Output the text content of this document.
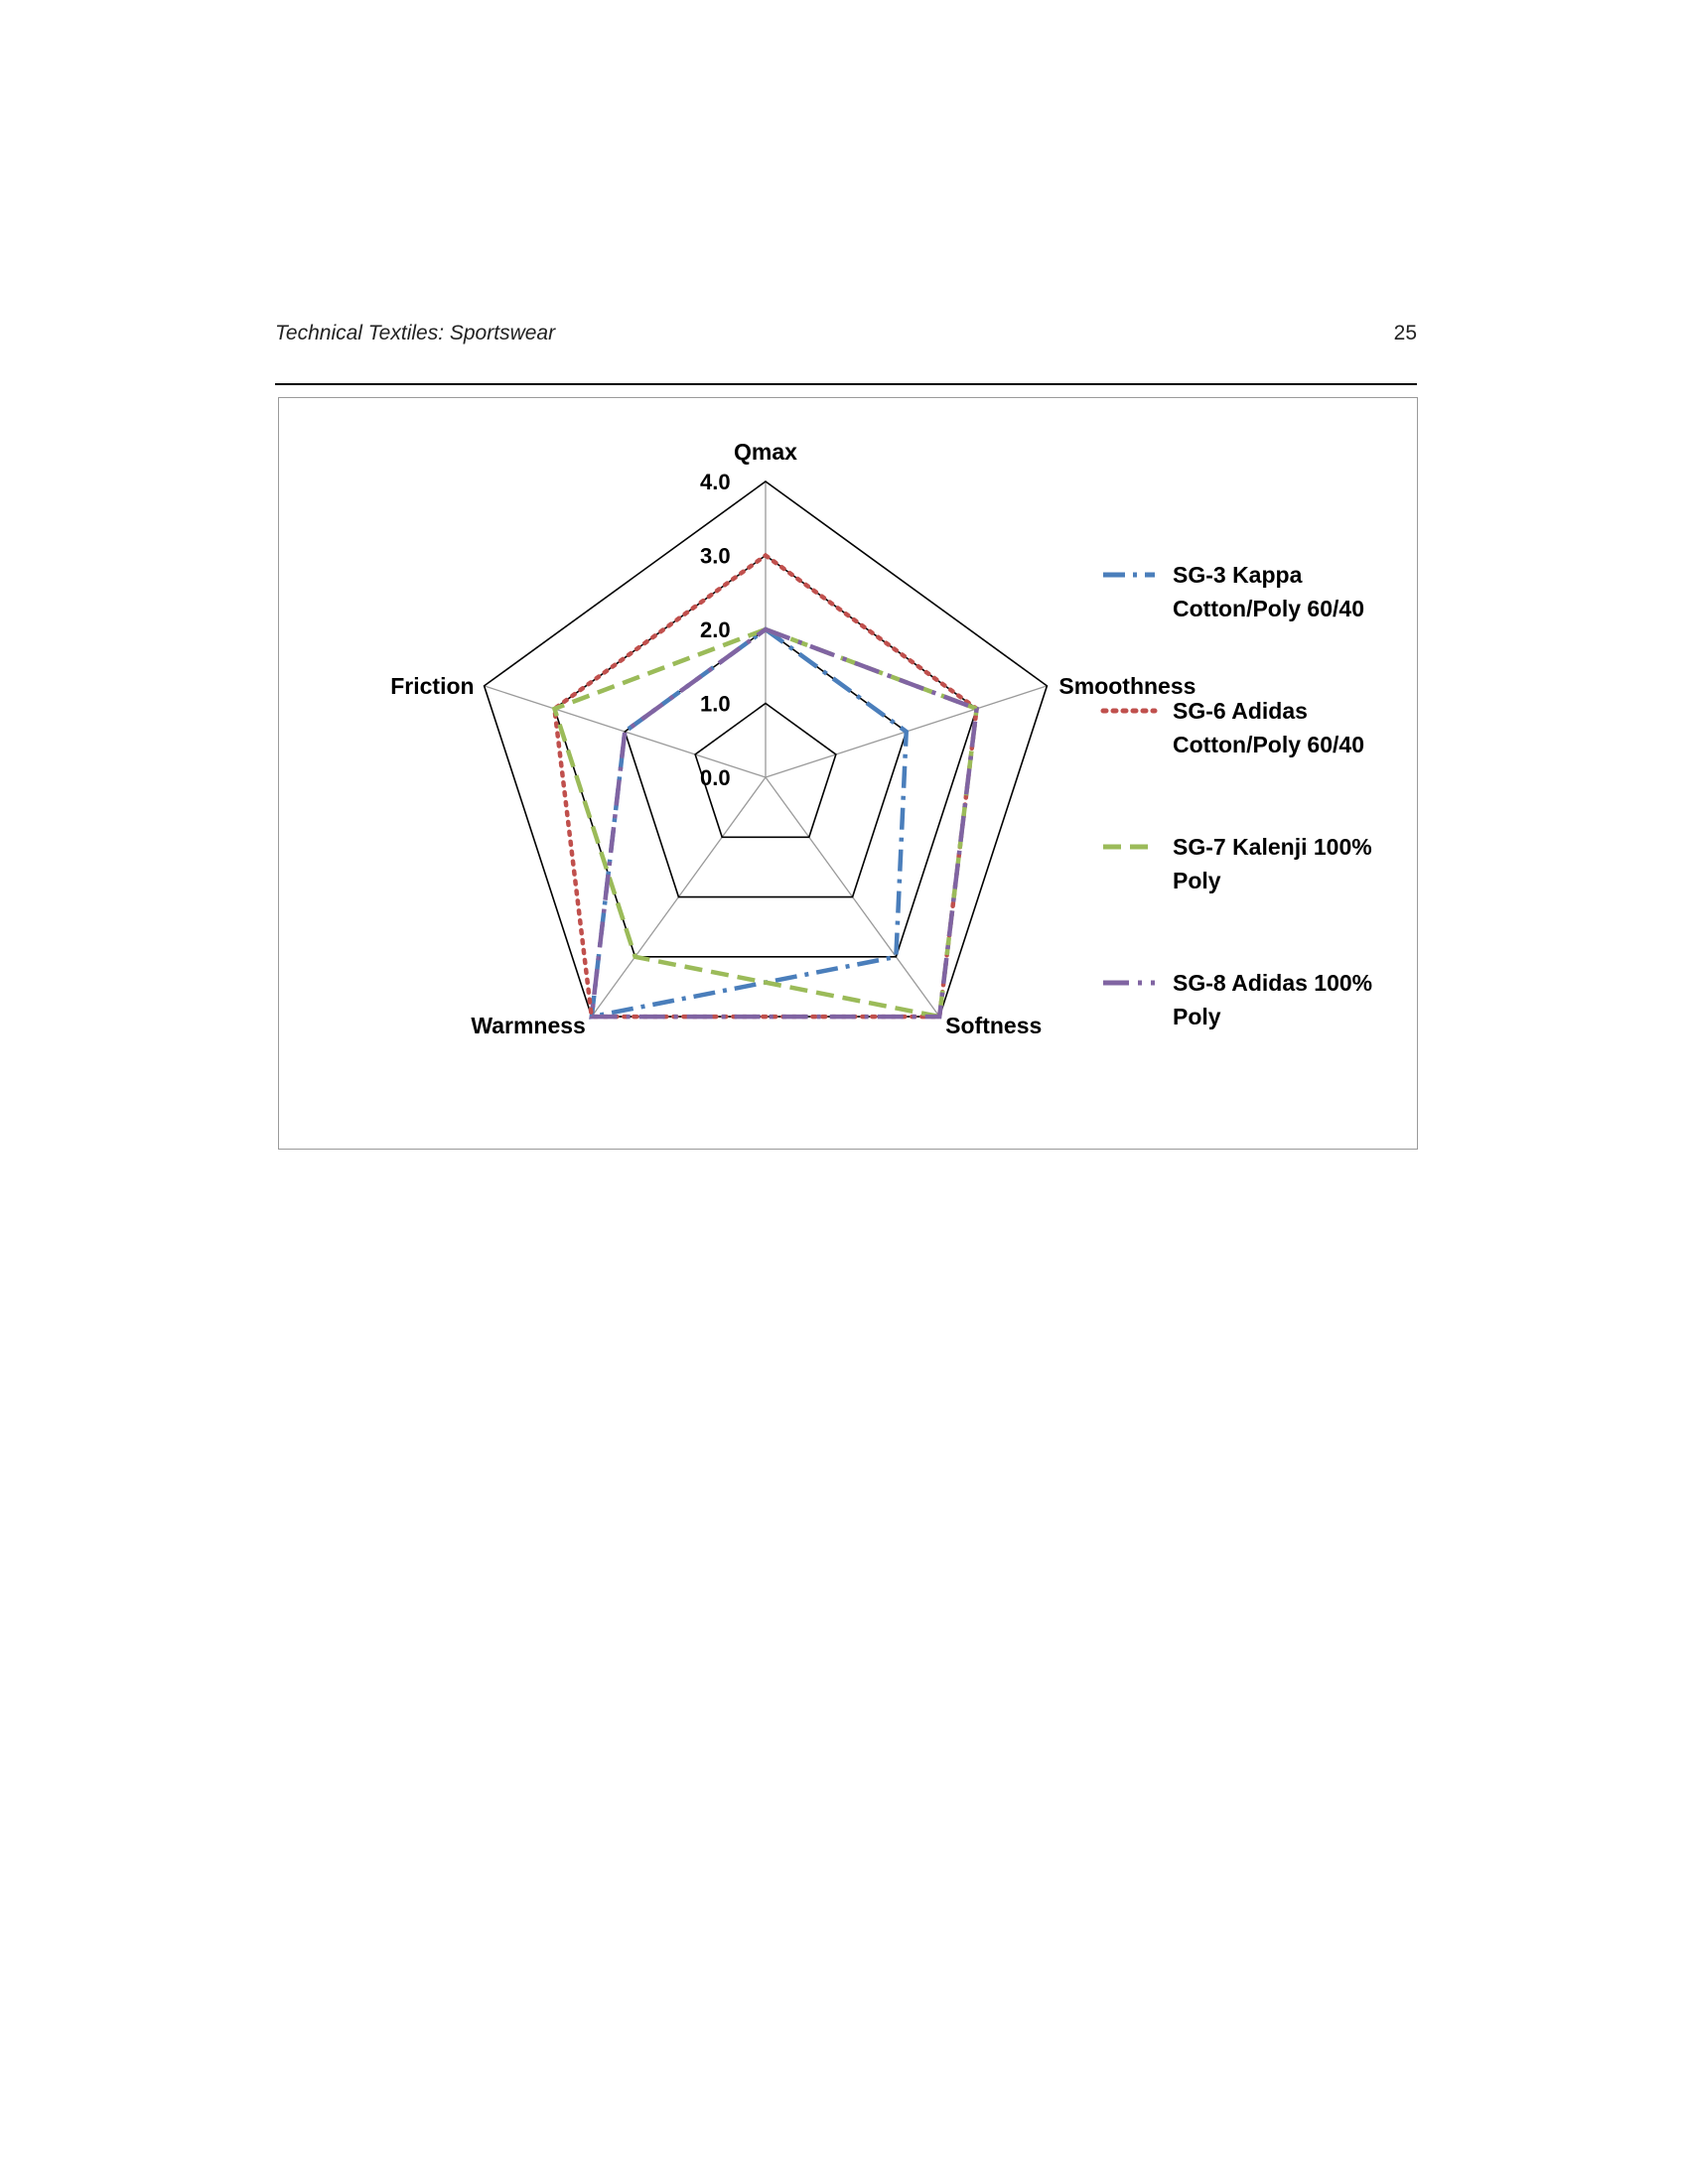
Technical Textiles: Sportswear	25
0.0
1.0
2.0
3.0
4.0
Qmax
Smoothness
Softness
Warmness
Friction
SG-3 Kappa
Cotton/Poly 60/40
SG-6 Adidas
Cotton/Poly 60/40
SG-7 Kalenji 100%
Poly
SG-8 Adidas 100%
Poly
